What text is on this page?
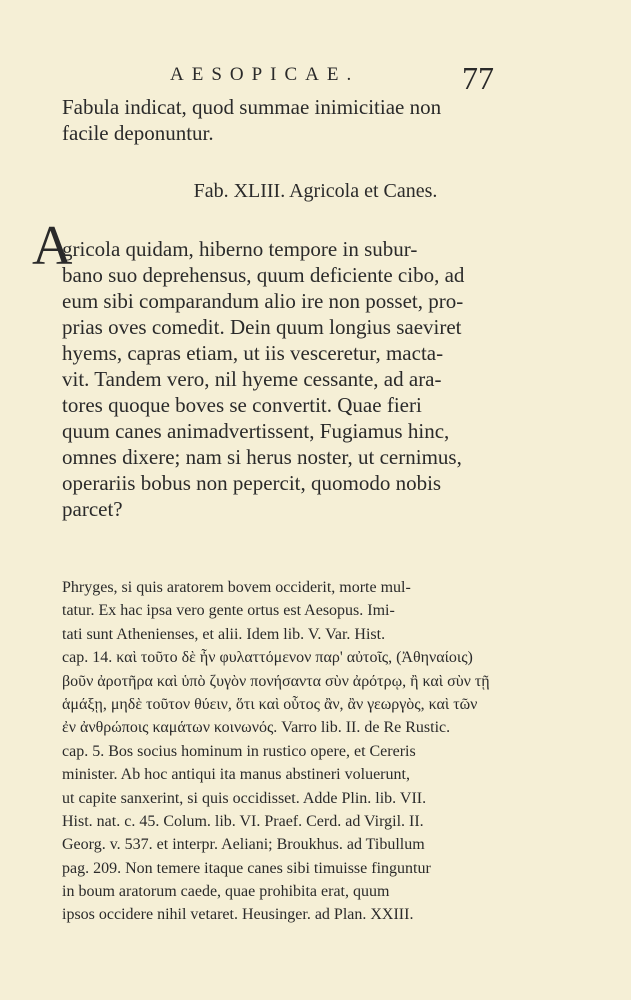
AESOPICAE.	77
Fabula indicat, quod summae inimicitiae non
facile deponuntur.
Fab. XLIII. Agricola et Canes.
A
gricola quidam, hiberno tempore in subur-
bano suo deprehensus, quum deficiente cibo, ad
eum sibi comparandum alio ire non posset, pro-
prias oves comedit. Dein quum longius saeviret
hyems, capras etiam, ut iis vesceretur, macta-
vit. Tandem vero, nil hyeme cessante, ad ara-
tores quoque boves se convertit. Quae fieri
quum canes animadvertissent, Fugiamus hinc,
omnes dixere; nam si herus noster, ut cernimus,
operariis bobus non pepercit, quomodo nobis
parcet?
Phryges, si quis aratorem bovem occiderit, morte mul-
tatur. Ex hac ipsa vero gente ortus est Aesopus. Imi-
tati sunt Athenienses, et alii. Idem lib. V. Var. Hist.
cap. 14. καὶ τοῦτο δὲ ἦν φυλαττόμενον παρ' αὐτοῖς, (Ἀθηναίοις)
βοῦν ἀροτῆρα καὶ ὑπὸ ζυγὸν πονήσαντα σὺν ἀρότρῳ, ἢ καὶ σὺν τῇ
ἁμάξῃ, μηδὲ τοῦτον θύειν, ὅτι καὶ οὗτος ἂν, ἂν γεωργὸς, καὶ τῶν
ἐν ἀνθρώποις καμάτων κοινωνός. Varro lib. II. de Re Rustic.
cap. 5. Bos socius hominum in rustico opere, et Cereris
minister. Ab hoc antiqui ita manus abstineri voluerunt,
ut capite sanxerint, si quis occidisset. Adde Plin. lib. VII.
Hist. nat. c. 45. Colum. lib. VI. Praef. Cerd. ad Virgil. II.
Georg. v. 537. et interpr. Aeliani; Broukhus. ad Tibullum
pag. 209. Non temere itaque canes sibi timuisse finguntur
in boum aratorum caede, quae prohibita erat, quum
ipsos occidere nihil vetaret. Heusinger. ad Plan. XXIII.
